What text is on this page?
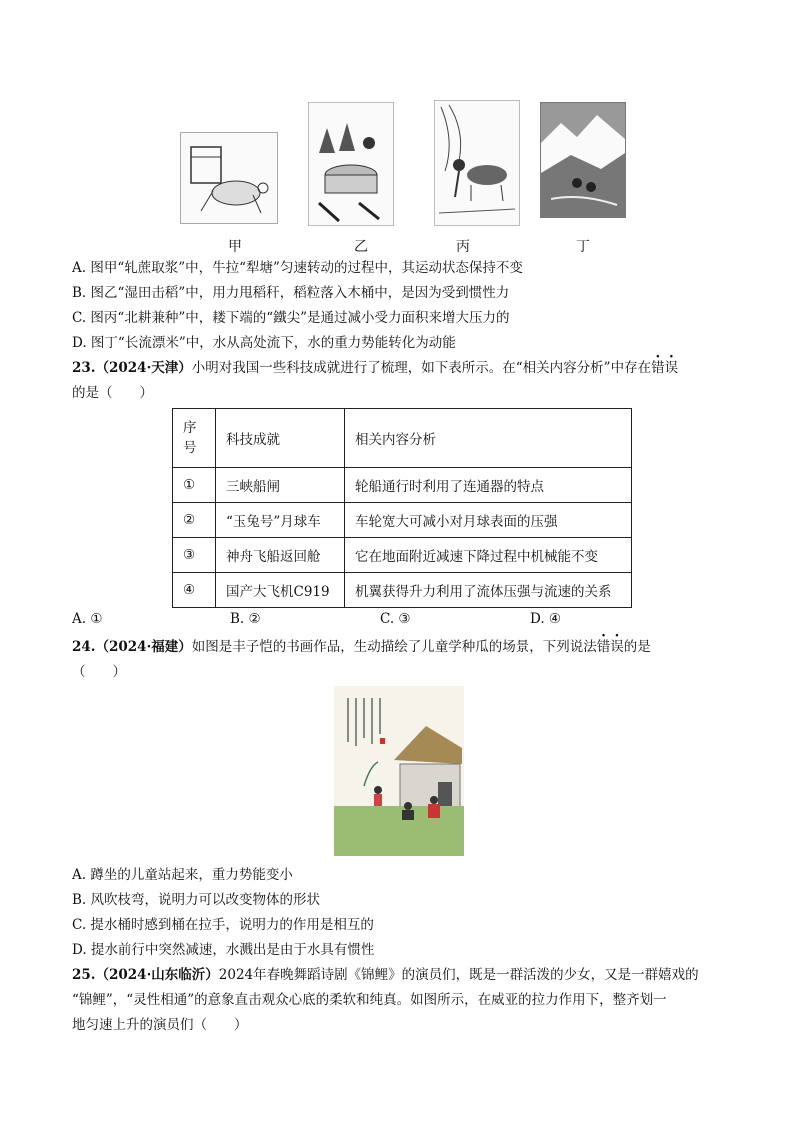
甲	乙	丙	丁
A. 图甲“轧蔗取浆”中，牛拉“犁塘”匀速转动的过程中，其运动状态保持不变
B. 图乙“湿田击稻”中，用力甩稻秆，稻粒落入木桶中，是因为受到惯性力
C. 图丙“北耕兼种”中，耧下端的“鐵尖”是通过减小受力面积来增大压力的
D. 图丁“长流漂米”中，水从高处流下，水的重力势能转化为动能
23.（2024·天津）小明对我国一些科技成就进行了梳理，如下表所示。在“相关内容分析”中存在错误
的是（　　）
序号	科技成就	相关内容分析
①	三峡船闸	轮船通行时利用了连通器的特点
②	“玉兔号”月球车	车轮宽大可减小对月球表面的压强
③	神舟飞船返回舱	它在地面附近减速下降过程中机械能不变
④	国产大飞机C919	机翼获得升力利用了流体压强与流速的关系
A. ①	B. ②	C. ③	D. ④
24.（2024·福建）如图是丰子恺的书画作品，生动描绘了儿童学种瓜的场景，下列说法错误的是
（　　）
A. 蹲坐的儿童站起来，重力势能变小
B. 风吹枝弯，说明力可以改变物体的形状
C. 提水桶时感到桶在拉手，说明力的作用是相互的
D. 提水前行中突然减速，水溅出是由于水具有惯性
25.（2024·山东临沂）2024年春晚舞蹈诗剧《锦鲤》的演员们，既是一群活泼的少女，又是一群嬉戏的
“锦鲤”，“灵性相通”的意象直击观众心底的柔软和纯真。如图所示，在威亚的拉力作用下，整齐划一
地匀速上升的演员们（　　）
